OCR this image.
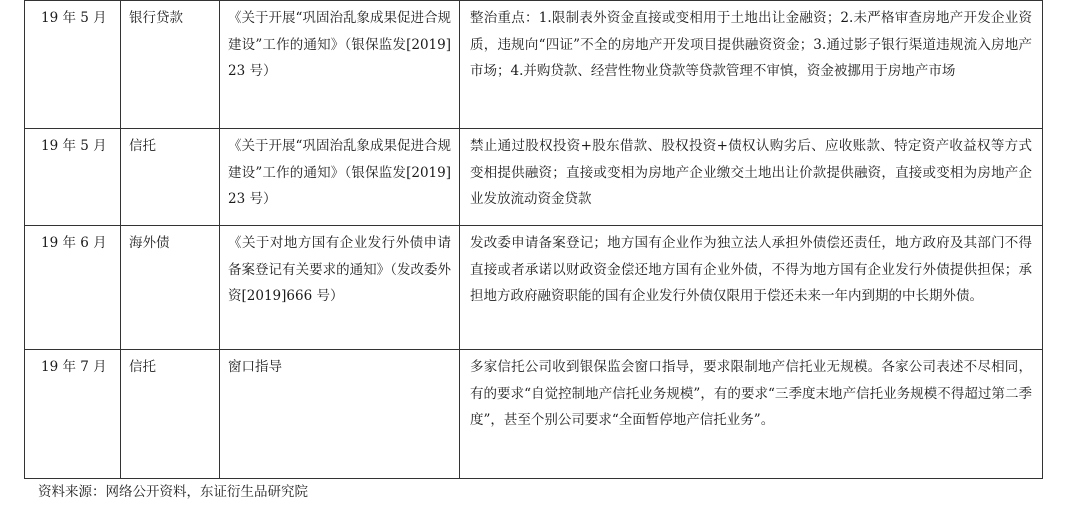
19 年 5 月	银行贷款	《关于开展“巩固治乱象成果促进合规建设”工作的通知》（银保监发[2019]23 号）	整治重点：1.限制表外资金直接或变相用于土地出让金融资；2.未严格审查房地产开发企业资质，违规向“四证”不全的房地产开发项目提供融资资金；3.通过影子银行渠道违规流入房地产市场；4.并购贷款、经营性物业贷款等贷款管理不审慎，资金被挪用于房地产市场
19 年 5 月	信托	《关于开展“巩固治乱象成果促进合规建设”工作的通知》（银保监发[2019]23 号）	禁止通过股权投资+股东借款、股权投资+债权认购劣后、应收账款、特定资产收益权等方式变相提供融资；直接或变相为房地产企业缴交土地出让价款提供融资，直接或变相为房地产企业发放流动资金贷款
19 年 6 月	海外债	《关于对地方国有企业发行外债申请备案登记有关要求的通知》（发改委外资[2019]666 号）	发改委申请备案登记；地方国有企业作为独立法人承担外债偿还责任，地方政府及其部门不得直接或者承诺以财政资金偿还地方国有企业外债，不得为地方国有企业发行外债提供担保；承担地方政府融资职能的国有企业发行外债仅限用于偿还未来一年内到期的中长期外债。
19 年 7 月	信托	窗口指导	多家信托公司收到银保监会窗口指导，要求限制地产信托业无规模。各家公司表述不尽相同，有的要求“自觉控制地产信托业务规模”，有的要求“三季度末地产信托业务规模不得超过第二季度”，甚至个别公司要求“全面暂停地产信托业务”。
资料来源：网络公开资料，东证衍生品研究院
